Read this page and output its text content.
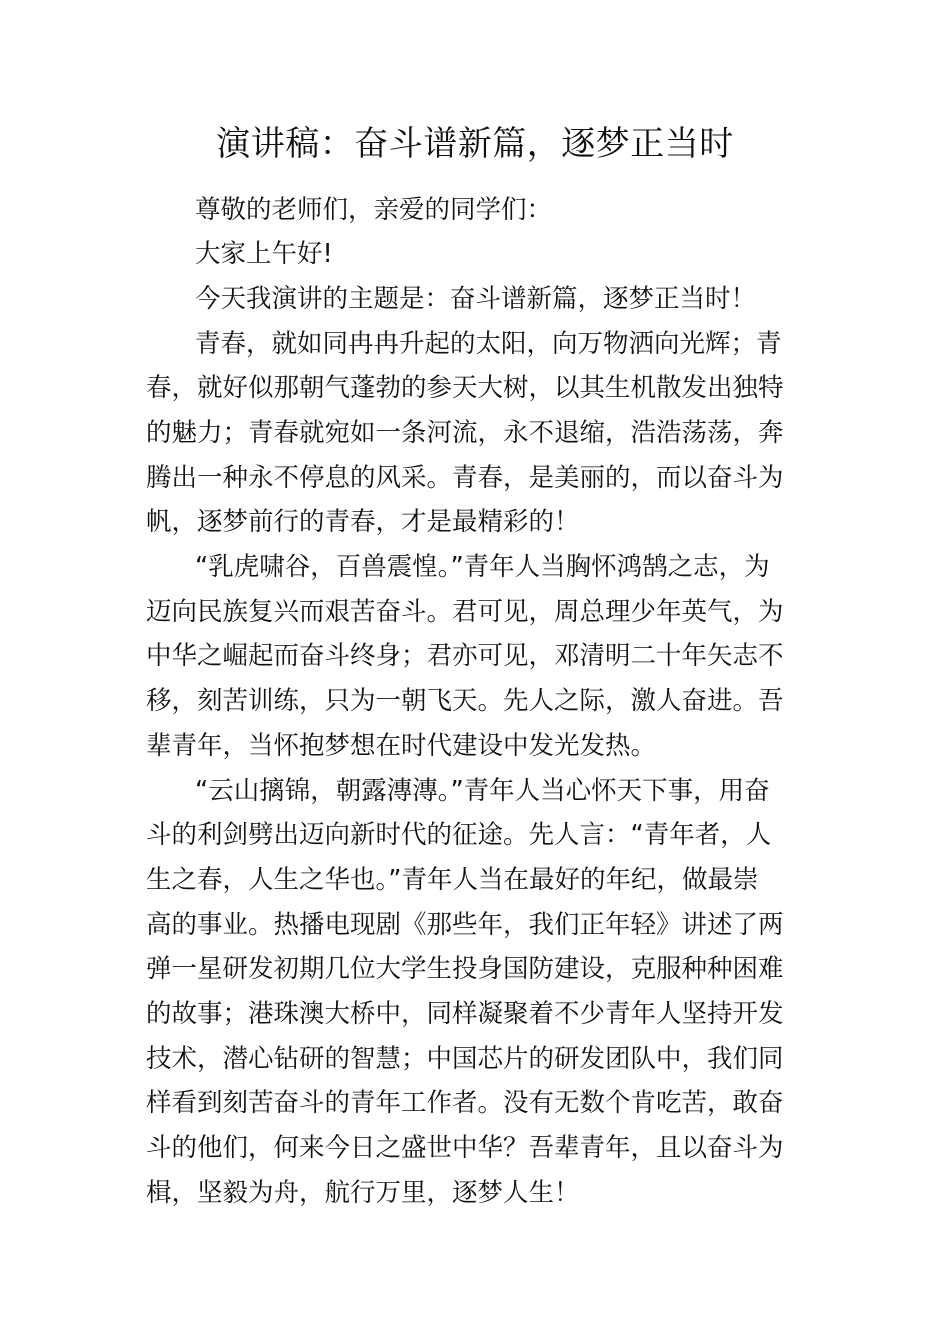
演讲稿：奋斗谱新篇，逐梦正当时
尊敬的老师们，亲爱的同学们：
大家上午好!
今天我演讲的主题是：奋斗谱新篇，逐梦正当时！
青春，就如同冉冉升起的太阳，向万物洒向光辉；青
春，就好似那朝气蓬勃的参天大树，以其生机散发出独特
的魅力；青春就宛如一条河流，永不退缩，浩浩荡荡，奔
腾出一种永不停息的风采。青春，是美丽的，而以奋斗为
帆，逐梦前行的青春，才是最精彩的！
“乳虎啸谷，百兽震惶。”青年人当胸怀鸿鹄之志，为
迈向民族复兴而艰苦奋斗。君可见，周总理少年英气，为
中华之崛起而奋斗终身；君亦可见，邓清明二十年矢志不
移，刻苦训练，只为一朝飞天。先人之际，激人奋进。吾
辈青年，当怀抱梦想在时代建设中发光发热。
“云山摛锦，朝露漙漙。”青年人当心怀天下事，用奋
斗的利剑劈出迈向新时代的征途。先人言：“青年者，人
生之春，人生之华也。”青年人当在最好的年纪，做最崇
高的事业。热播电现剧《那些年，我们正年轻》讲述了两
弹一星研发初期几位大学生投身国防建设，克服种种困难
的故事；港珠澳大桥中，同样凝聚着不少青年人坚持开发
技术，潜心钻研的智慧；中国芯片的研发团队中，我们同
样看到刻苦奋斗的青年工作者。没有无数个肯吃苦，敢奋
斗的他们，何来今日之盛世中华？吾辈青年，且以奋斗为
楫，坚毅为舟，航行万里，逐梦人生！
